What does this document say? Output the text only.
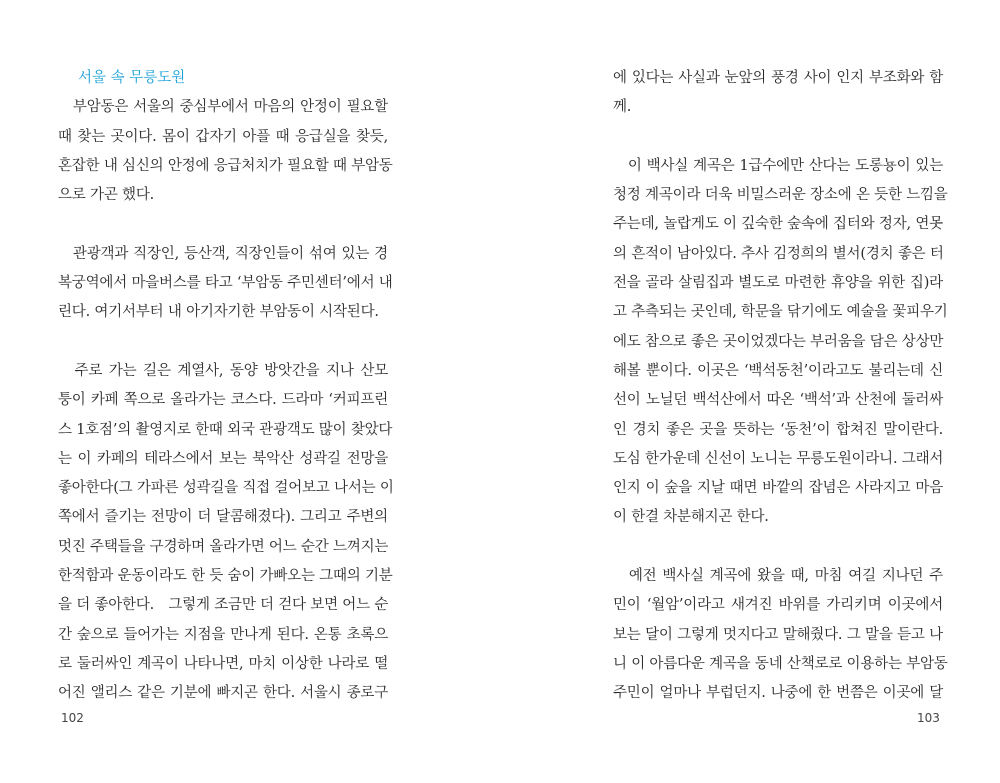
서울 속 무릉도원
　부암동은 서울의 중심부에서 마음의 안정이 필요할
때 찾는 곳이다. 몸이 갑자기 아플 때 응급실을 찾듯,
혼잡한 내 심신의 안정에 응급처치가 필요할 때 부암동
으로 가곤 했다.
　관광객과 직장인, 등산객, 직장인들이 섞여 있는 경
복궁역에서 마을버스를 타고 ‘부암동 주민센터’에서 내
린다. 여기서부터 내 아기자기한 부암동이 시작된다.
　주로 가는 길은 계열사, 동양 방앗간을 지나 산모
퉁이 카페 쪽으로 올라가는 코스다. 드라마 ‘커피프린
스 1호점’의 촬영지로 한때 외국 관광객도 많이 찾았다
는 이 카페의 테라스에서 보는 북악산 성곽길 전망을
좋아한다(그 가파른 성곽길을 직접 걸어보고 나서는 이
쪽에서 즐기는 전망이 더 달콤해졌다). 그리고 주변의
멋진 주택들을 구경하며 올라가면 어느 순간 느껴지는
한적함과 운동이라도 한 듯 숨이 가빠오는 그때의 기분
을 더 좋아한다.　그렇게 조금만 더 걷다 보면 어느 순
간 숲으로 들어가는 지점을 만나게 된다. 온통 초록으
로 둘러싸인 계곡이 나타나면, 마치 이상한 나라로 떨
어진 앨리스 같은 기분에 빠지곤 한다. 서울시 종로구
102
에 있다는 사실과 눈앞의 풍경 사이 인지 부조화와 함
께.
　이 백사실 계곡은 1급수에만 산다는 도롱뇽이 있는
청정 계곡이라 더욱 비밀스러운 장소에 온 듯한 느낌을
주는데, 놀랍게도 이 깊숙한 숲속에 집터와 정자, 연못
의 흔적이 남아있다. 추사 김정희의 별서(경치 좋은 터
전을 골라 살림집과 별도로 마련한 휴양을 위한 집)라
고 추측되는 곳인데, 학문을 닦기에도 예술을 꽃피우기
에도 참으로 좋은 곳이었겠다는 부러움을 담은 상상만
해볼 뿐이다. 이곳은 ‘백석동천’이라고도 불리는데 신
선이 노닐던 백석산에서 따온 ‘백석’과 산천에 둘러싸
인 경치 좋은 곳을 뜻하는 ‘동천’이 합쳐진 말이란다.
도심 한가운데 신선이 노니는 무릉도원이라니. 그래서
인지 이 숲을 지날 때면 바깥의 잡념은 사라지고 마음
이 한결 차분해지곤 한다.
　예전 백사실 계곡에 왔을 때, 마침 여길 지나던 주
민이 ‘월암’이라고 새겨진 바위를 가리키며 이곳에서
보는 달이 그렇게 멋지다고 말해줬다. 그 말을 듣고 나
니 이 아름다운 계곡을 동네 산책로로 이용하는 부암동
주민이 얼마나 부럽던지. 나중에 한 번쯤은 이곳에 달
103
